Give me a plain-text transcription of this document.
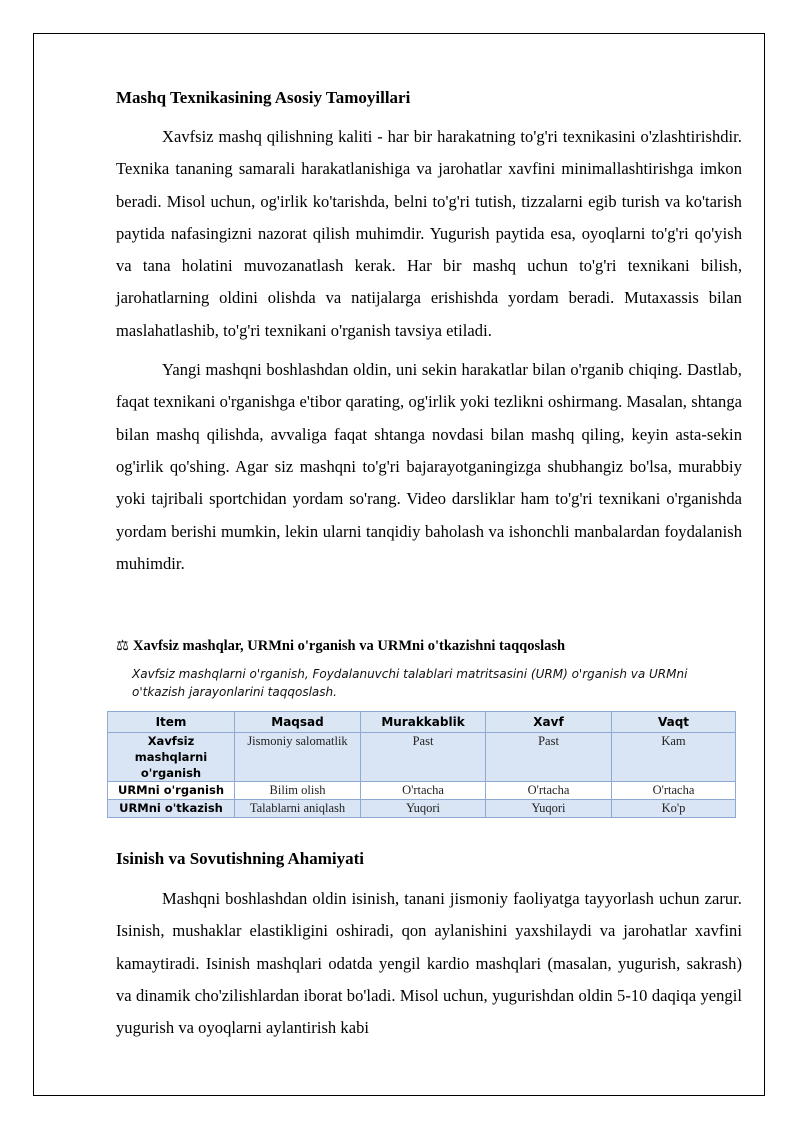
Mashq Texnikasining Asosiy Tamoyillari

Xavfsiz mashq qilishning kaliti - har bir harakatning to'g'ri texnikasini o'zlashtirishdir. Texnika tananing samarali harakatlanishiga va jarohatlar xavfini minimallashtirishga imkon beradi. Misol uchun, og'irlik ko'tarishda, belni to'g'ri tutish, tizzalarni egib turish va ko'tarish paytida nafasingizni nazorat qilish muhimdir. Yugurish paytida esa, oyoqlarni to'g'ri qo'yish va tana holatini muvozanatlash kerak. Har bir mashq uchun to'g'ri texnikani bilish, jarohatlarning oldini olishda va natijalarga erishishda yordam beradi. Mutaxassis bilan maslahatlashib, to'g'ri texnikani o'rganish tavsiya etiladi.

Yangi mashqni boshlashdan oldin, uni sekin harakatlar bilan o'rganib chiqing. Dastlab, faqat texnikani o'rganishga e'tibor qarating, og'irlik yoki tezlikni oshirmang. Masalan, shtanga bilan mashq qilishda, avvaliga faqat shtanga novdasi bilan mashq qiling, keyin asta-sekin og'irlik qo'shing. Agar siz mashqni to'g'ri bajarayotganingizga shubhangiz bo'lsa, murabbiy yoki tajribali sportchidan yordam so'rang. Video darsliklar ham to'g'ri texnikani o'rganishda yordam berishi mumkin, lekin ularni tanqidiy baholash va ishonchli manbalardan foydalanish muhimdir.

⚖ Xavfsiz mashqlar, URMni o'rganish va URMni o'tkazishni taqqoslash
Xavfsiz mashqlarni o'rganish, Foydalanuvchi talablari matritsasini (URM) o'rganish va URMni o'tkazish jarayonlarini taqqoslash.
Item	Maqsad	Murakkablik	Xavf	Vaqt
Xavfsiz mashqlarni o'rganish	Jismoniy salomatlik	Past	Past	Kam
URMni o'rganish	Bilim olish	O'rtacha	O'rtacha	O'rtacha
URMni o'tkazish	Talablarni aniqlash	Yuqori	Yuqori	Ko'p
Isinish va Sovutishning Ahamiyati

Mashqni boshlashdan oldin isinish, tanani jismoniy faoliyatga tayyorlash uchun zarur. Isinish, mushaklar elastikligini oshiradi, qon aylanishini yaxshilaydi va jarohatlar xavfini kamaytiradi. Isinish mashqlari odatda yengil kardio mashqlari (masalan, yugurish, sakrash) va dinamik cho'zilishlardan iborat bo'ladi. Misol uchun, yugurishdan oldin 5-10 daqiqa yengil yugurish va oyoqlarni aylantirish kabi
